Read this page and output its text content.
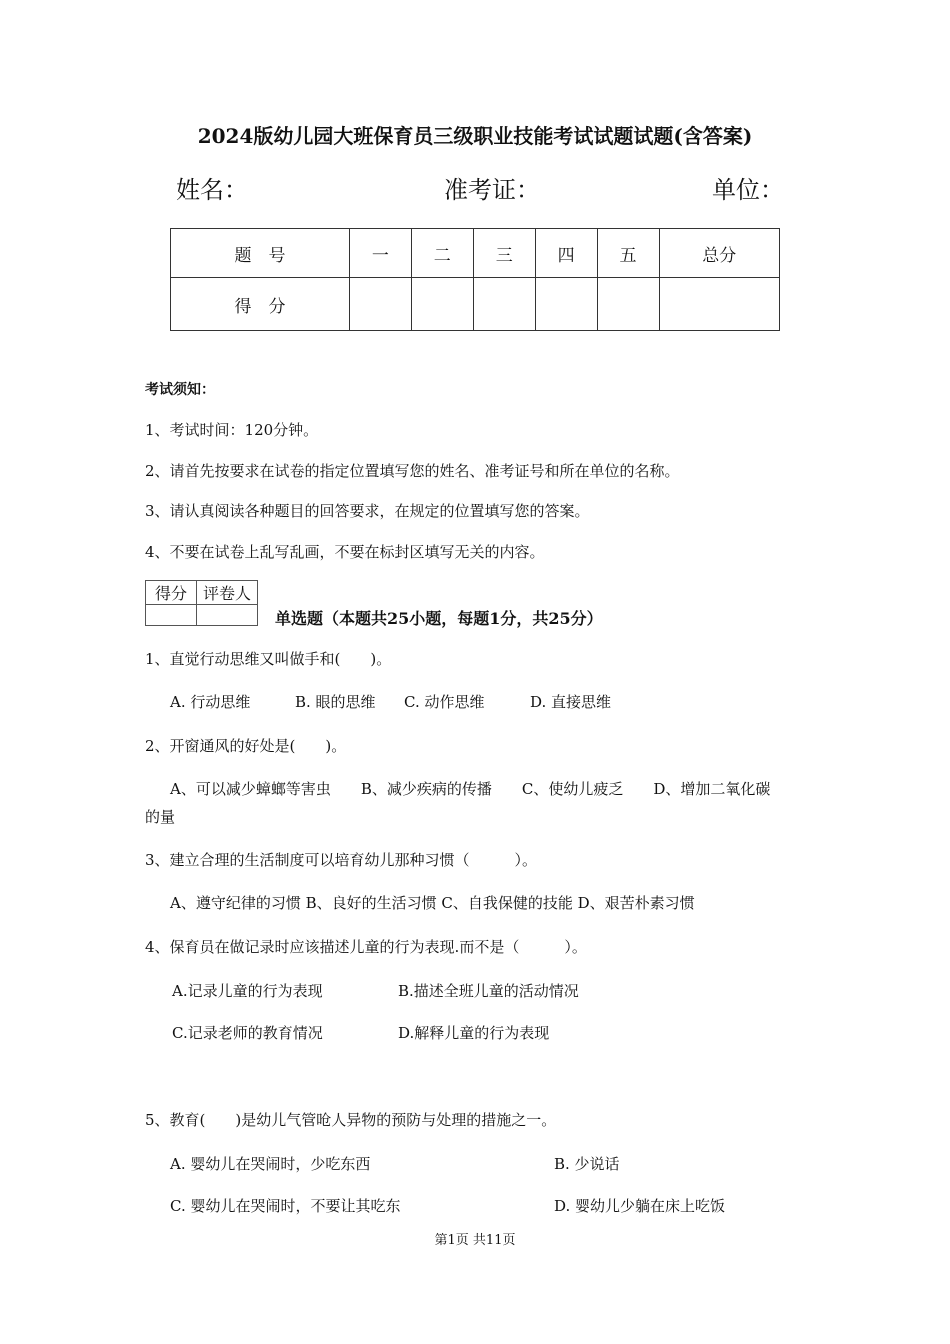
2024版幼儿园大班保育员三级职业技能考试试题试题(含答案)
姓名：	准考证：	单位：
题　号	一	二	三	四	五	总分
得　分						
考试须知：
1、考试时间：120分钟。
2、请首先按要求在试卷的指定位置填写您的姓名、准考证号和所在单位的名称。
3、请认真阅读各种题目的回答要求，在规定的位置填写您的答案。
4、不要在试卷上乱写乱画，不要在标封区填写无关的内容。
得分	评卷人

单选题（本题共25小题，每题1分，共25分）
1、直觉行动思维又叫做手和(　　)。
A. 行动思维	B. 眼的思维 C. 动作思维	D. 直接思维
2、开窗通风的好处是(　　)。
A、可以减少蟑螂等害虫　　B、减少疾病的传播　　C、使幼儿疲乏　　D、增加二氧化碳
的量
3、建立合理的生活制度可以培育幼儿那种习惯（　　　）。
A、遵守纪律的习惯 B、良好的生活习惯 C、自我保健的技能 D、艰苦朴素习惯
4、保育员在做记录时应该描述儿童的行为表现.而不是（　　　）。
A.记录儿童的行为表现	B.描述全班儿童的活动情况
C.记录老师的教育情况	D.解释儿童的行为表现
5、教育(　　)是幼儿气管呛人异物的预防与处理的措施之一。
A. 婴幼儿在哭闹时，少吃东西	B. 少说话
C. 婴幼儿在哭闹时，不要让其吃东	D. 婴幼儿少躺在床上吃饭
第1页 共11页
